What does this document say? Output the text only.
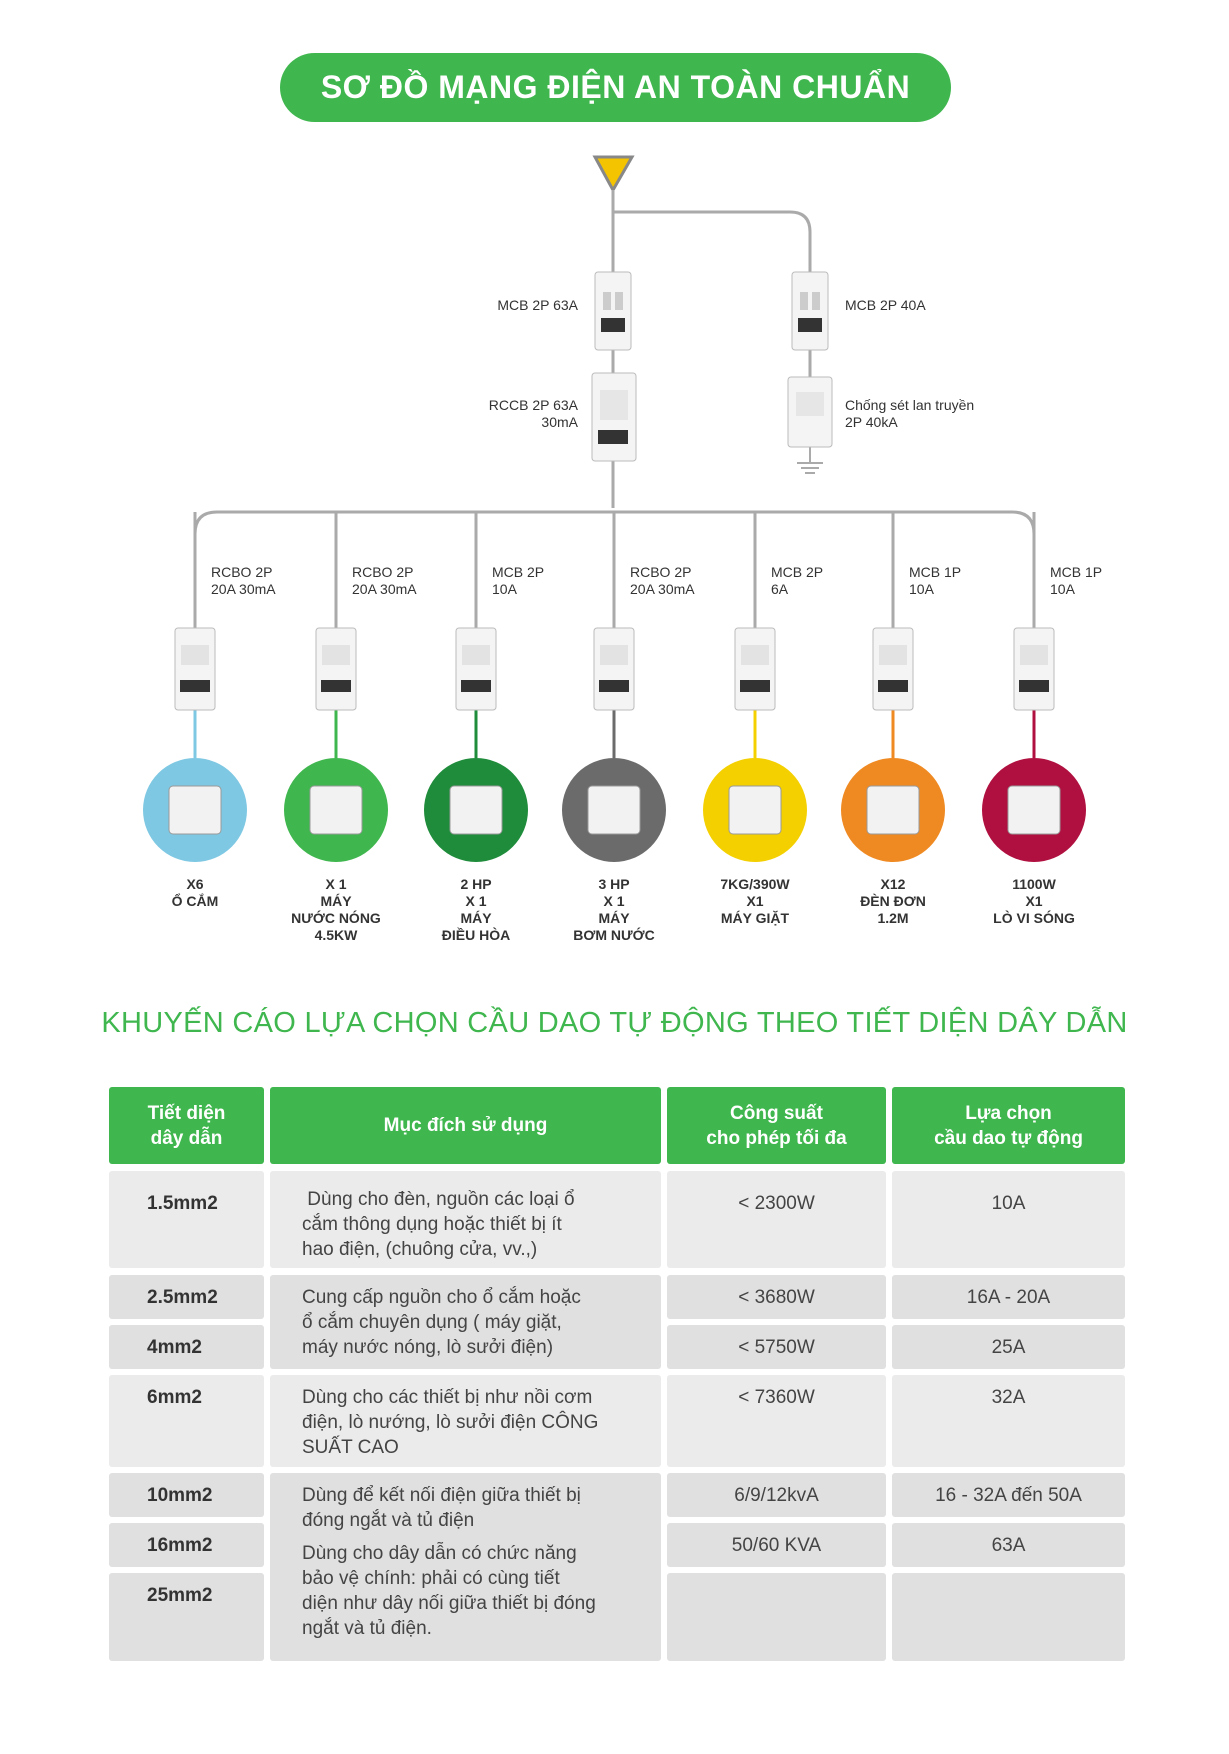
SƠ ĐỒ MẠNG ĐIỆN AN TOÀN CHUẨN
MCB 2P 63A
RCCB 2P 63A
30mA
MCB 2P 40A
Chống sét lan truyền
2P 40kA
RCBO 2P
20A 30mA
X6
Ổ CẮM
RCBO 2P
20A 30mA
X 1
MÁY
NƯỚC NÓNG
4.5KW
MCB 2P
10A
2 HP
X 1
MÁY
ĐIỀU HÒA
RCBO 2P
20A 30mA
3 HP
X 1
MÁY
BƠM NƯỚC
MCB 2P
6A
7KG/390W
X1
MÁY GIẶT
MCB 1P
10A
X12
ĐÈN ĐƠN
1.2M
MCB 1P
10A
1100W
X1
LÒ VI SÓNG
KHUYẾN CÁO LỰA CHỌN CẦU DAO TỰ ĐỘNG THEO TIẾT DIỆN DÂY DẪN
Tiết diện
dây dẫn
Mục đích sử dụng
Công suất
cho phép tối đa
Lựa chọn
cầu dao tự động
1.5mm2
2.5mm2
4mm2
6mm2
10mm2
16mm2
25mm2
Dùng cho đèn, nguồn các loại ổ
cắm thông dụng hoặc thiết bị ít
hao điện, (chuông cửa, vv.,)
Cung cấp nguồn cho ổ cắm hoặc
ổ cắm chuyên dụng ( máy giặt,
máy nước nóng, lò sưởi điện)
Dùng cho các thiết bị như nồi cơm
điện, lò nướng, lò sưởi điện CÔNG
SUẤT CAO
Dùng để kết nối điện giữa thiết bị
đóng ngắt và tủ điện
Dùng cho dây dẫn có chức năng
bảo vệ chính: phải có cùng tiết
diện như dây nối giữa thiết bị đóng
ngắt và tủ điện.
< 2300W
< 3680W
< 5750W
< 7360W
6/9/12kvA
50/60 KVA
10A
16A - 20A
25A
32A
16 - 32A đến 50A
63A
